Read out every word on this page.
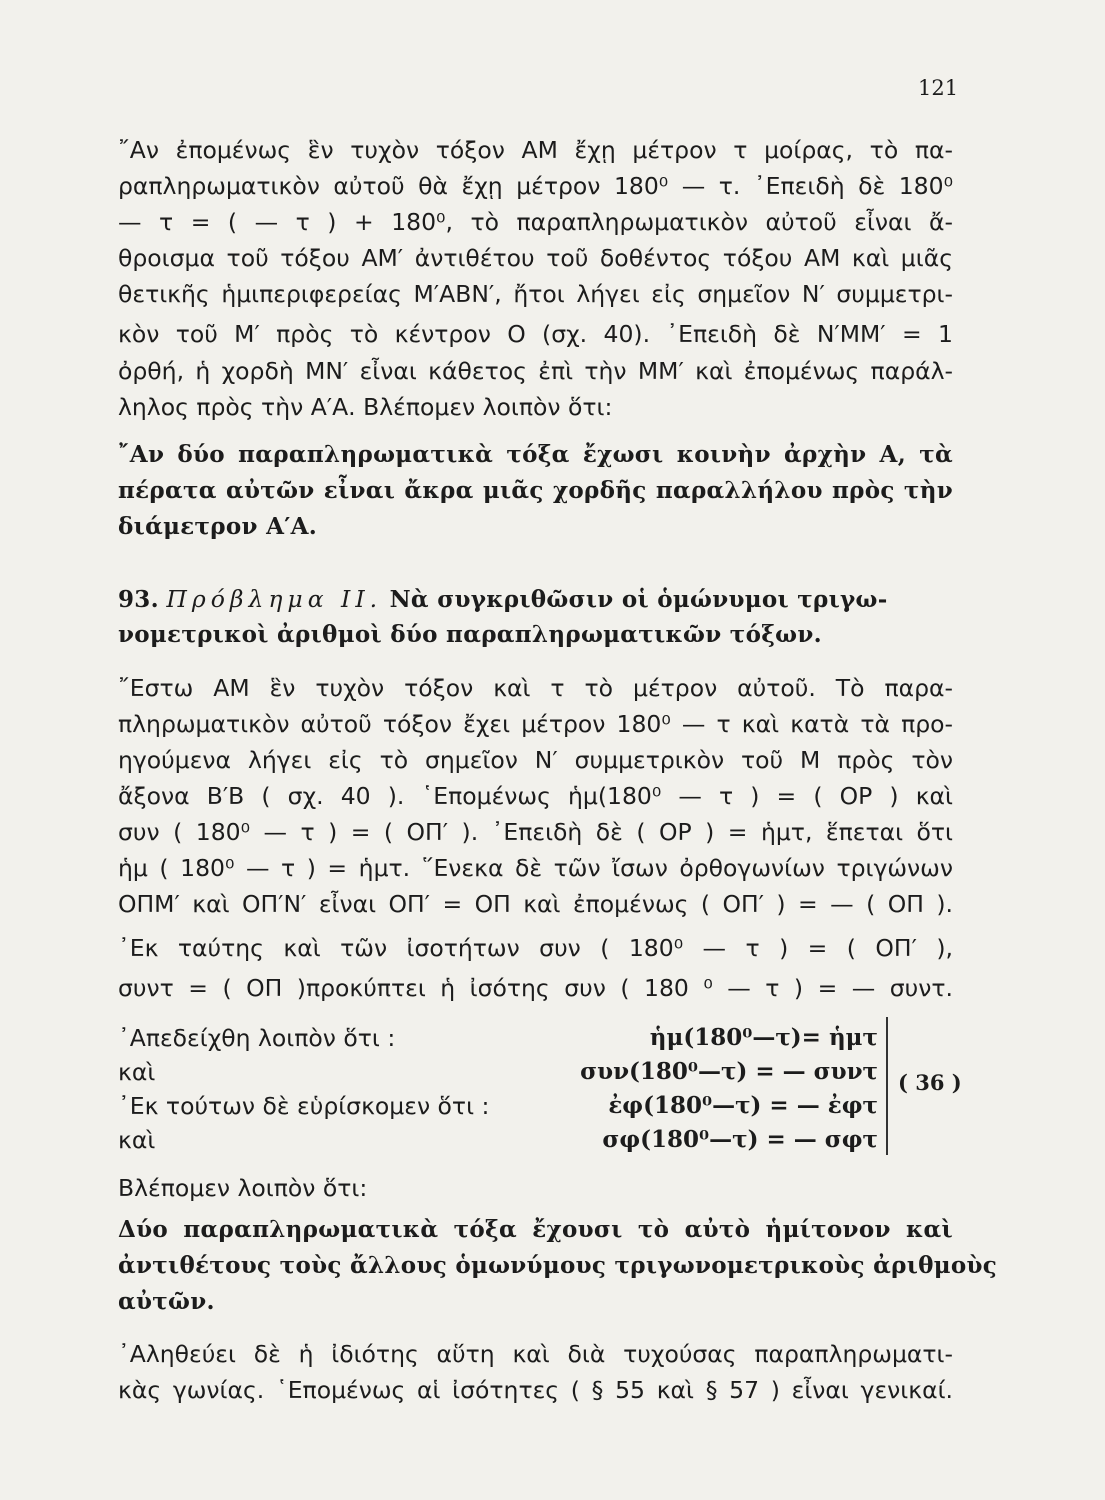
121
῎Αν ἐπομένως ἓν τυχὸν τόξον ΑΜ ἔχῃ μέτρον τ μοίρας, τὸ πα-
ραπληρωματικὸν αὐτοῦ θὰ ἔχῃ μέτρον 180⁰ — τ. ᾿Επειδὴ δὲ 180⁰
— τ = ( — τ ) + 180⁰, τὸ παραπληρωματικὸν αὐτοῦ εἶναι ἄ-
θροισμα τοῦ τόξου ΑΜ′ ἀντιθέτου τοῦ δοθέντος τόξου ΑΜ καὶ μιᾶς
θετικῆς ἡμιπεριφερείας Μ′ΑΒΝ′, ἤτοι λήγει εἰς σημεῖον Ν′ συμμετρι-
κὸν τοῦ Μ′ πρὸς τὸ κέντρον Ο (σχ. 40). ᾿Επειδὴ δὲ Ν′ΜΜ′ = 1
ὀρθή, ἡ χορδὴ ΜΝ′ εἶναι κάθετος ἐπὶ τὴν ΜΜ′ καὶ ἐπομένως παράλ-
ληλος πρὸς τὴν Α′Α. Βλέπομεν λοιπὸν ὅτι:
῎Αν δύο παραπληρωματικὰ τόξα ἔχωσι κοινὴν ἀρχὴν Α, τὰ
πέρατα αὐτῶν εἶναι ἄκρα μιᾶς χορδῆς παραλλήλου πρὸς τὴν
διάμετρον Α′Α.
93. Πρόβλημα ΙΙ. Νὰ συγκριθῶσιν οἱ ὁμώνυμοι τριγω-
νομετρικοὶ ἀριθμοὶ δύο παραπληρωματικῶν τόξων.
῎Εστω ΑΜ ἓν τυχὸν τόξον καὶ τ τὸ μέτρον αὐτοῦ. Τὸ παρα-
πληρωματικὸν αὐτοῦ τόξον ἔχει μέτρον 180⁰ — τ καὶ κατὰ τὰ προ-
ηγούμενα λήγει εἰς τὸ σημεῖον Ν′ συμμετρικὸν τοῦ Μ πρὸς τὸν
ἄξονα Β′Β ( σχ. 40 ). ῾Επομένως ἡμ(180⁰ — τ ) = ( ΟΡ ) καὶ
συν ( 180⁰ — τ ) = ( ΟΠ′ ). ᾿Επειδὴ δὲ ( ΟΡ ) = ἡμτ, ἕπεται ὅτι
ἡμ ( 180⁰ — τ ) = ἡμτ. ῞Ενεκα δὲ τῶν ἴσων ὀρθογωνίων τριγώνων
ΟΠΜ′ καὶ ΟΠ′Ν′ εἶναι ΟΠ′ = ΟΠ καὶ ἐπομένως ( ΟΠ′ ) = — ( ΟΠ ).
᾿Εκ ταύτης καὶ τῶν ἰσοτήτων συν ( 180⁰ — τ ) = ( ΟΠ′ ),
συντ = ( ΟΠ )προκύπτει ἡ ἰσότης συν ( 180 ⁰ — τ ) = — συντ.
᾿Απεδείχθη λοιπὸν ὅτι :	ἡμ(180⁰—τ)= ἡμτ
καὶ	συν(180⁰—τ) = — συντ
᾿Εκ τούτων δὲ εὑρίσκομεν ὅτι :	ἐφ(180⁰—τ) = — ἐφτ
καὶ	σφ(180⁰—τ) = — σφτ
( 36 )
Βλέπομεν λοιπὸν ὅτι:
Δύο παραπληρωματικὰ τόξα ἔχουσι τὸ αὐτὸ ἡμίτονον καὶ
ἀντιθέτους τοὺς ἄλλους ὁμωνύμους τριγωνομετρικοὺς ἀριθμοὺς
αὐτῶν.
᾿Αληθεύει δὲ ἡ ἰδιότης αὕτη καὶ διὰ τυχούσας παραπληρωματι-
κὰς γωνίας. ῾Επομένως αἱ ἰσότητες ( § 55 καὶ § 57 ) εἶναι γενικαί.
